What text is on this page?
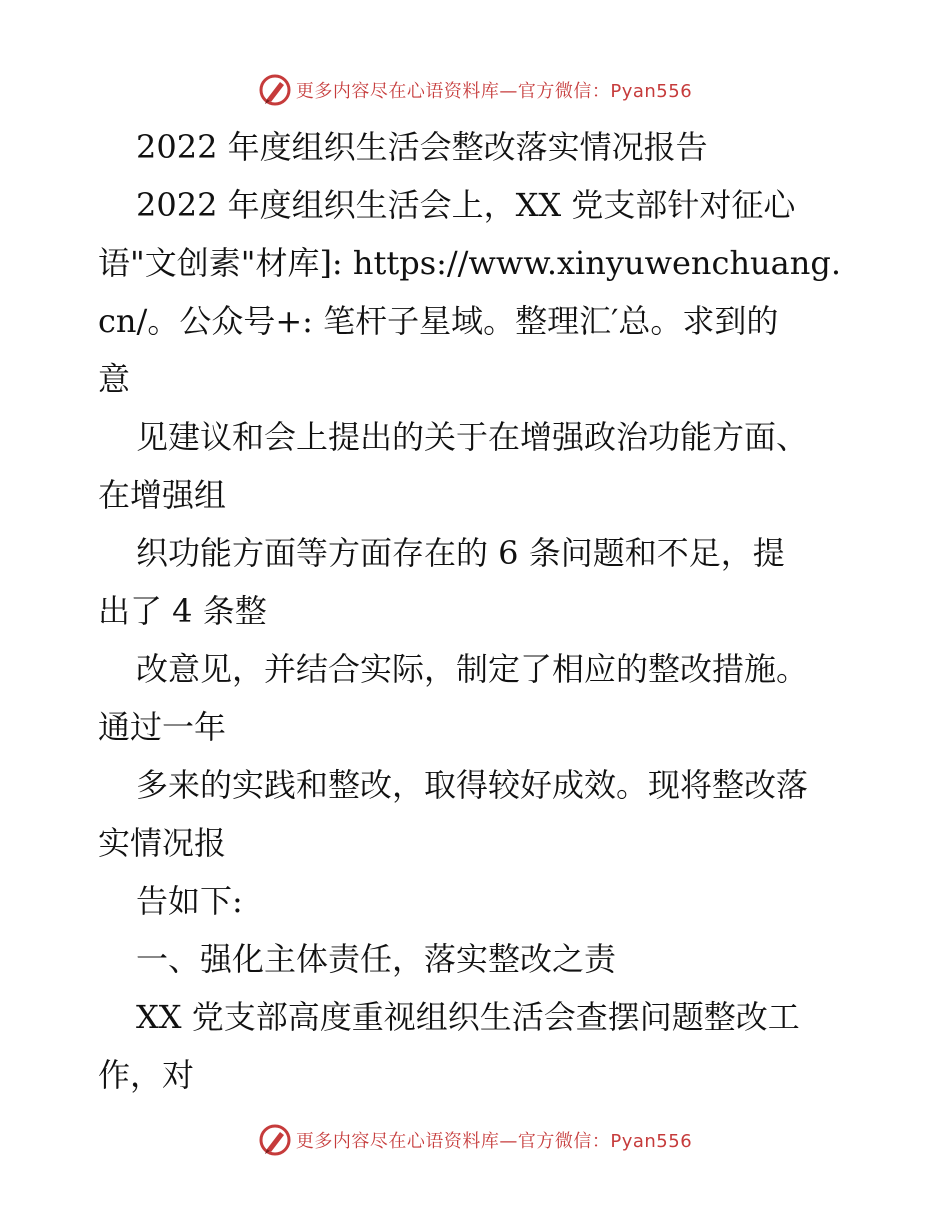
更多内容尽在心语资料库—官方微信：Pyan556
2022 年度组织生活会整改落实情况报告
2022 年度组织生活会上，XX 党支部针对征心
语"文创素"材库]: https://www.xinyuwenchuang.
cn/。公众号+: 笔杆子星域。整理汇′总。求到的
意
见建议和会上提出的关于在增强政治功能方面、
在增强组
织功能方面等方面存在的 6 条问题和不足，提
出了 4 条整
改意见，并结合实际，制定了相应的整改措施。
通过一年
多来的实践和整改，取得较好成效。现将整改落
实情况报
告如下:
一、强化主体责任，落实整改之责
XX 党支部高度重视组织生活会查摆问题整改工
作，对
更多内容尽在心语资料库—官方微信：Pyan556
